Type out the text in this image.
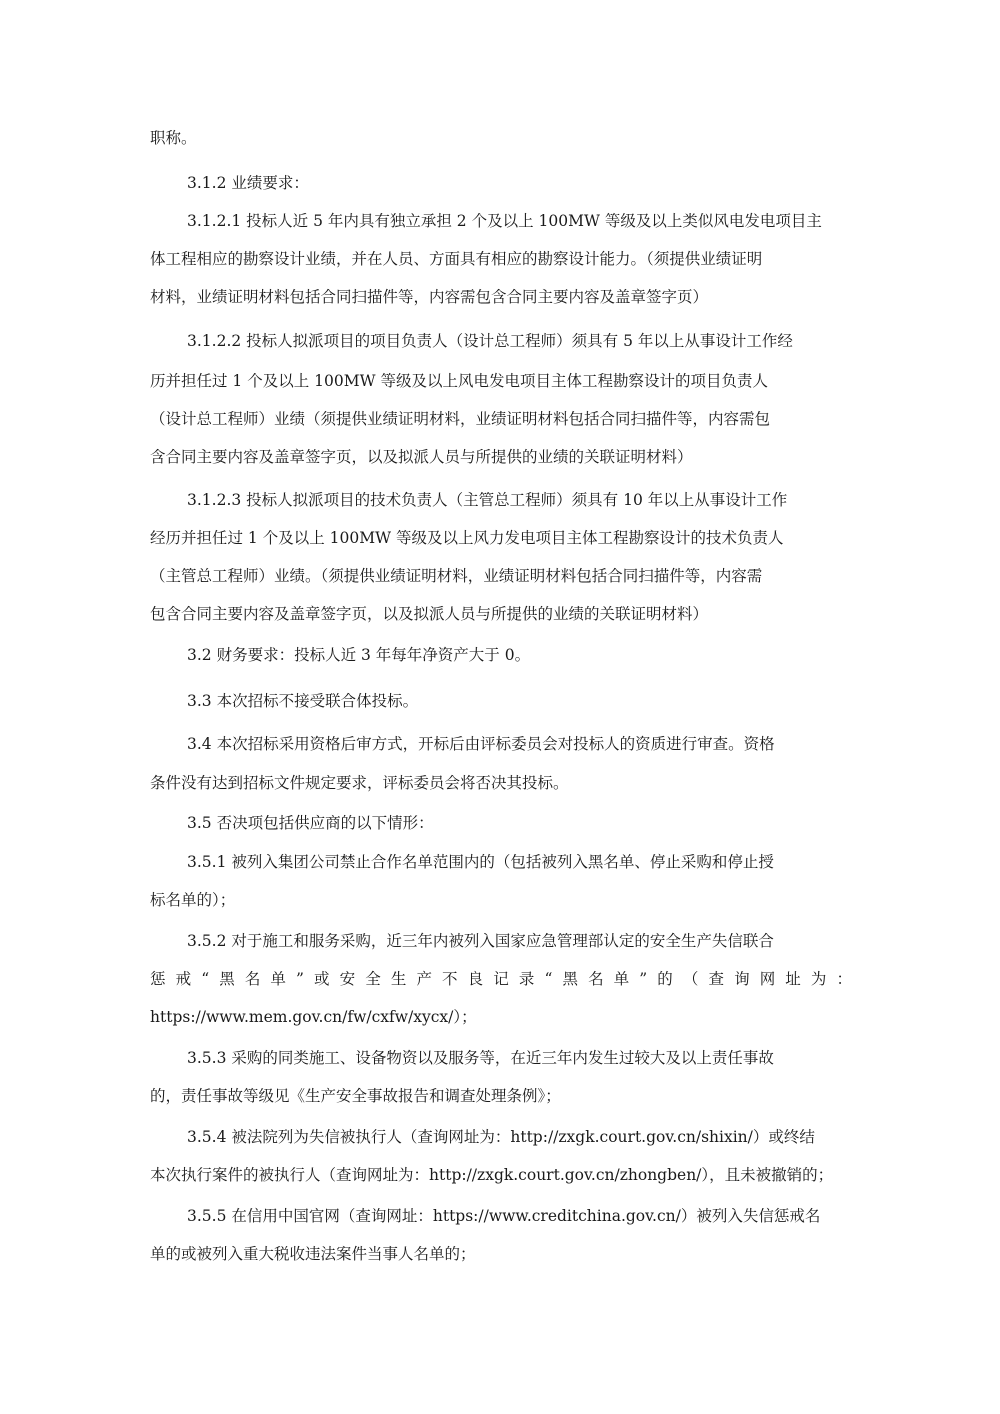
职称。
3.1.2 业绩要求：
3.1.2.1 投标人近 5 年内具有独立承担 2 个及以上 100MW 等级及以上类似风电发电项目主
体工程相应的勘察设计业绩，并在人员、方面具有相应的勘察设计能力。（须提供业绩证明
材料，业绩证明材料包括合同扫描件等，内容需包含合同主要内容及盖章签字页）
3.1.2.2 投标人拟派项目的项目负责人（设计总工程师）须具有 5 年以上从事设计工作经
历并担任过 1 个及以上 100MW 等级及以上风电发电项目主体工程勘察设计的项目负责人
（设计总工程师）业绩（须提供业绩证明材料，业绩证明材料包括合同扫描件等，内容需包
含合同主要内容及盖章签字页，以及拟派人员与所提供的业绩的关联证明材料）
3.1.2.3 投标人拟派项目的技术负责人（主管总工程师）须具有 10 年以上从事设计工作
经历并担任过 1 个及以上 100MW 等级及以上风力发电项目主体工程勘察设计的技术负责人
（主管总工程师）业绩。（须提供业绩证明材料，业绩证明材料包括合同扫描件等，内容需
包含合同主要内容及盖章签字页，以及拟派人员与所提供的业绩的关联证明材料）
3.2 财务要求：投标人近 3 年每年净资产大于 0。
3.3 本次招标不接受联合体投标。
3.4 本次招标采用资格后审方式，开标后由评标委员会对投标人的资质进行审查。资格
条件没有达到招标文件规定要求，评标委员会将否决其投标。
3.5 否决项包括供应商的以下情形：
3.5.1 被列入集团公司禁止合作名单范围内的（包括被列入黑名单、停止采购和停止授
标名单的）；
3.5.2 对于施工和服务采购，近三年内被列入国家应急管理部认定的安全生产失信联合
惩戒“黑名单”或安全生产不良记录“黑名单”的（查询网址为：
https://www.mem.gov.cn/fw/cxfw/xycx/）；
3.5.3 采购的同类施工、设备物资以及服务等，在近三年内发生过较大及以上责任事故
的，责任事故等级见《生产安全事故报告和调查处理条例》；
3.5.4 被法院列为失信被执行人（查询网址为：http://zxgk.court.gov.cn/shixin/）或终结
本次执行案件的被执行人（查询网址为：http://zxgk.court.gov.cn/zhongben/），且未被撤销的；
3.5.5 在信用中国官网（查询网址：https://www.creditchina.gov.cn/）被列入失信惩戒名
单的或被列入重大税收违法案件当事人名单的；
